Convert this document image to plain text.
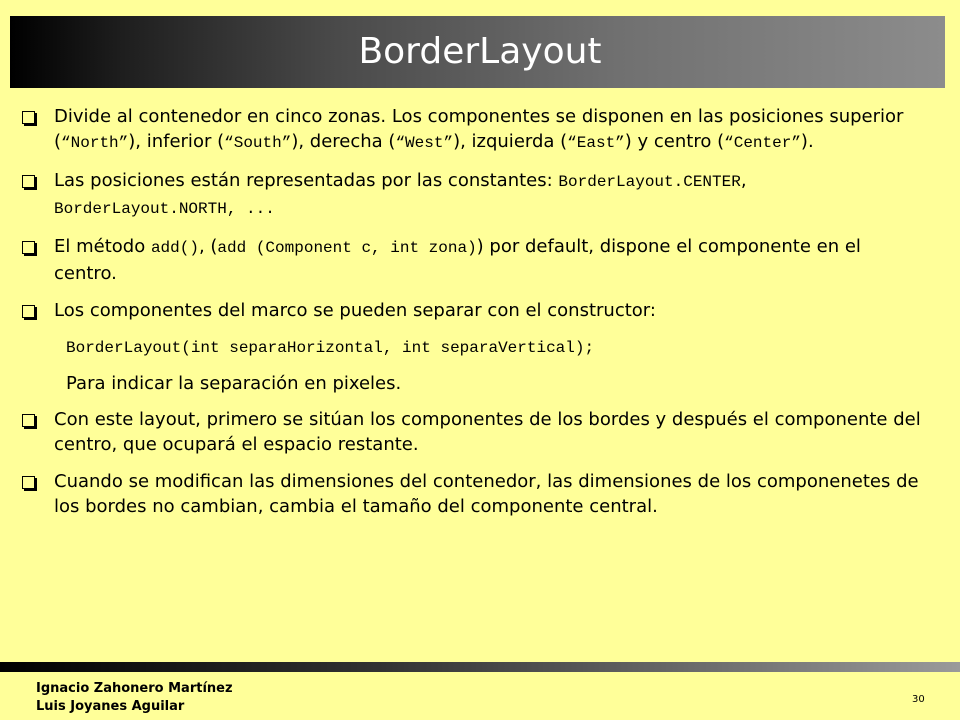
BorderLayout
Divide al contenedor en cinco zonas. Los componentes se disponen en las posiciones superior (“North”), inferior (“South”), derecha (“West”), izquierda (“East”) y centro (“Center”).
Las posiciones están representadas por las constantes: BorderLayout.CENTER, BorderLayout.NORTH, ...
El método add(), (add (Component c, int zona)) por default, dispone el componente en el centro.
Los componentes del marco se pueden separar con el constructor:
BorderLayout(int separaHorizontal, int separaVertical);
Para indicar la separación en pixeles.
Con este layout, primero se sitúan los componentes de los bordes y después el componente del centro, que ocupará el espacio restante.
Cuando se modifican las dimensiones del contenedor, las dimensiones de los componenetes de los bordes no cambian, cambia el tamaño del componente central.
Ignacio Zahonero Martínez
Luis Joyanes Aguilar	30
